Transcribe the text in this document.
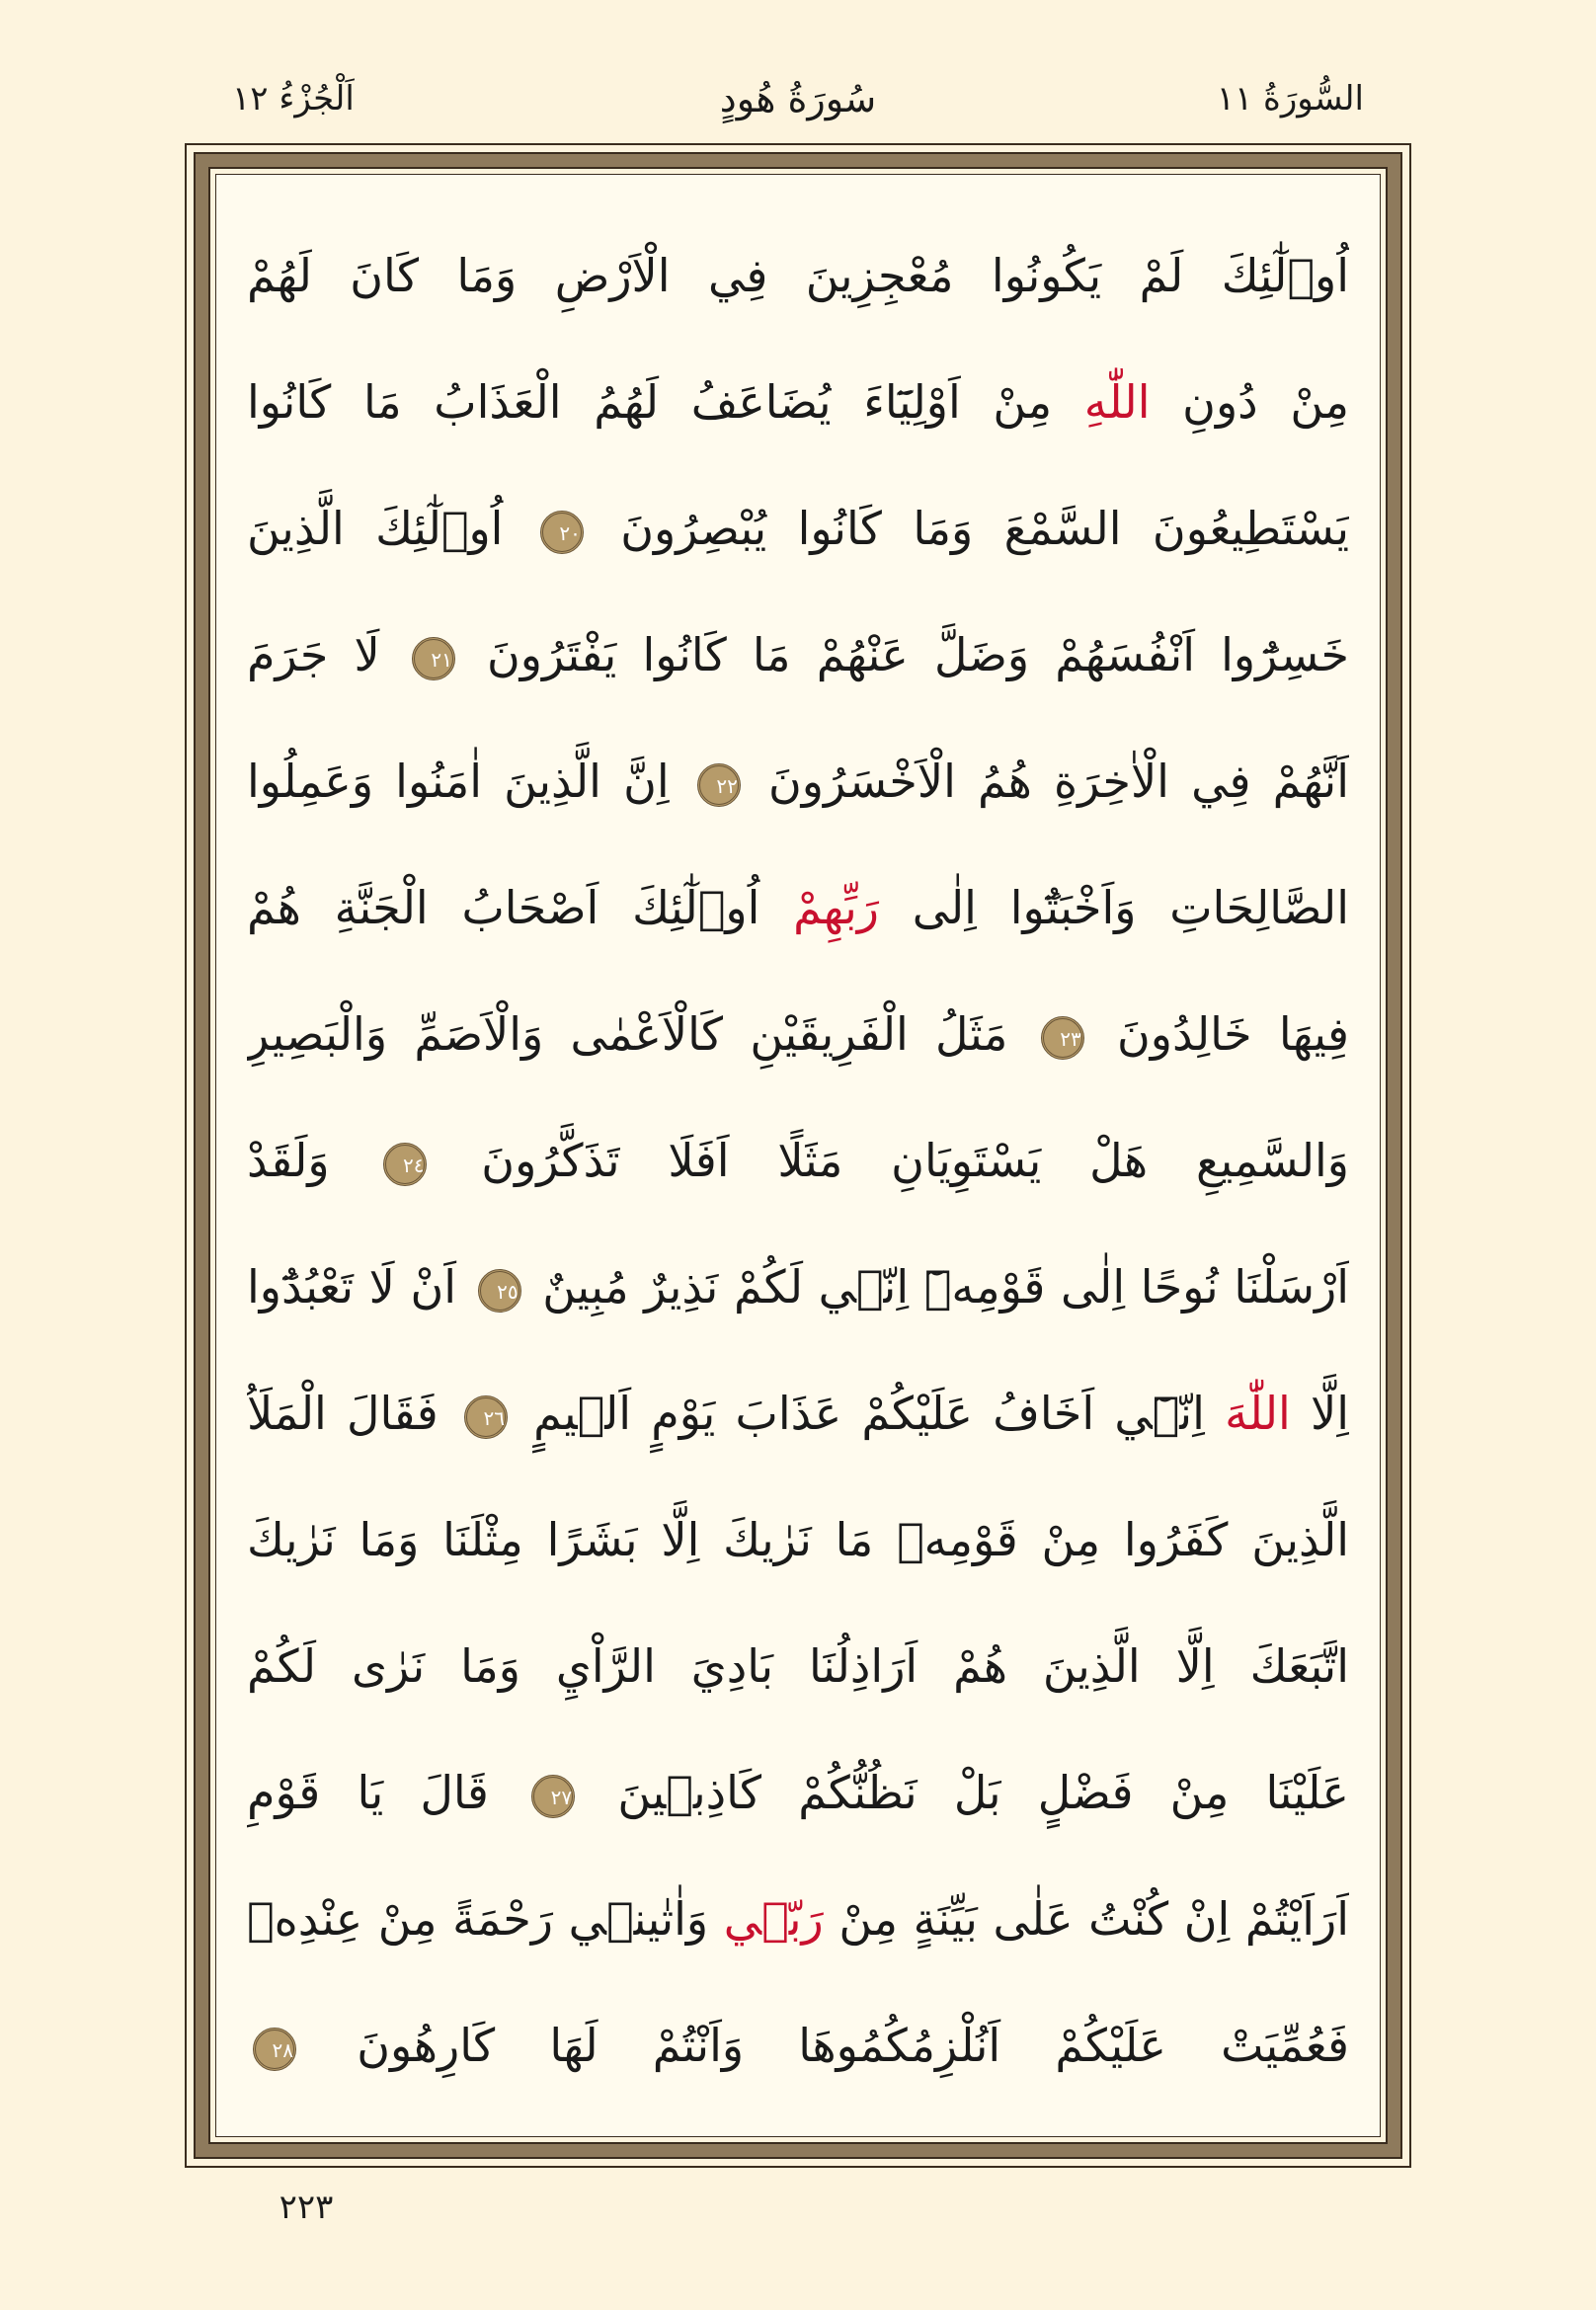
السُّورَةُ ١١
سُورَةُ هُودٍ
اَلْجُزْءُ ١٢
اُو۬لٰٓئِكَ لَمْ يَكُونُوا مُعْجِزِينَ فِي الْاَرْضِ وَمَا كَانَ لَهُمْ
مِنْ دُونِ اللّٰهِ مِنْ اَوْلِيَٓاءَ يُضَاعَفُ لَهُمُ الْعَذَابُ مَا كَانُوا
يَسْتَطِيعُونَ السَّمْعَ وَمَا كَانُوا يُبْصِرُونَ ٢٠ اُو۬لٰٓئِكَ الَّذِينَ
خَسِرُٓوا اَنْفُسَهُمْ وَضَلَّ عَنْهُمْ مَا كَانُوا يَفْتَرُونَ ٢١ لَا جَرَمَ
اَنَّهُمْ فِي الْاٰخِرَةِ هُمُ الْاَخْسَرُونَ ٢٢ اِنَّ الَّذِينَ اٰمَنُوا وَعَمِلُوا
الصَّالِحَاتِ وَاَخْبَتُٓوا اِلٰى رَبِّهِمْ اُو۬لٰٓئِكَ اَصْحَابُ الْجَنَّةِ هُمْ
فِيهَا خَالِدُونَ ٢٣ مَثَلُ الْفَرِيقَيْنِ كَالْاَعْمٰى وَالْاَصَمِّ وَالْبَصِيرِ
وَالسَّمِيعِ هَلْ يَسْتَوِيَانِ مَثَلًا اَفَلَا تَذَكَّرُونَ ٢٤ وَلَقَدْ
اَرْسَلْنَا نُوحًا اِلٰى قَوْمِه۪ٓ اِنّ۪ي لَكُمْ نَذِيرٌ مُبِينٌ ٢٥ اَنْ لَا تَعْبُدُٓوا
اِلَّا اللّٰهَ اِنّ۪ٓي اَخَافُ عَلَيْكُمْ عَذَابَ يَوْمٍ اَل۪يمٍ ٢٦ فَقَالَ الْمَلَاُ
الَّذِينَ كَفَرُوا مِنْ قَوْمِه۪ مَا نَرٰيكَ اِلَّا بَشَرًا مِثْلَنَا وَمَا نَرٰيكَ
اتَّبَعَكَ اِلَّا الَّذِينَ هُمْ اَرَاذِلُنَا بَادِيَ الرَّاْيِ وَمَا نَرٰى لَكُمْ
عَلَيْنَا مِنْ فَضْلٍ بَلْ نَظُنُّكُمْ كَاذِب۪ينَ ٢٧ قَالَ يَا قَوْمِ
اَرَاَيْتُمْ اِنْ كُنْتُ عَلٰى بَيِّنَةٍ مِنْ رَبّ۪ي وَاٰتٰين۪ي رَحْمَةً مِنْ عِنْدِه۪
فَعُمِّيَتْ عَلَيْكُمْ اَنُلْزِمُكُمُوهَا وَاَنْتُمْ لَهَا كَارِهُونَ ٢٨
٢٢٣
